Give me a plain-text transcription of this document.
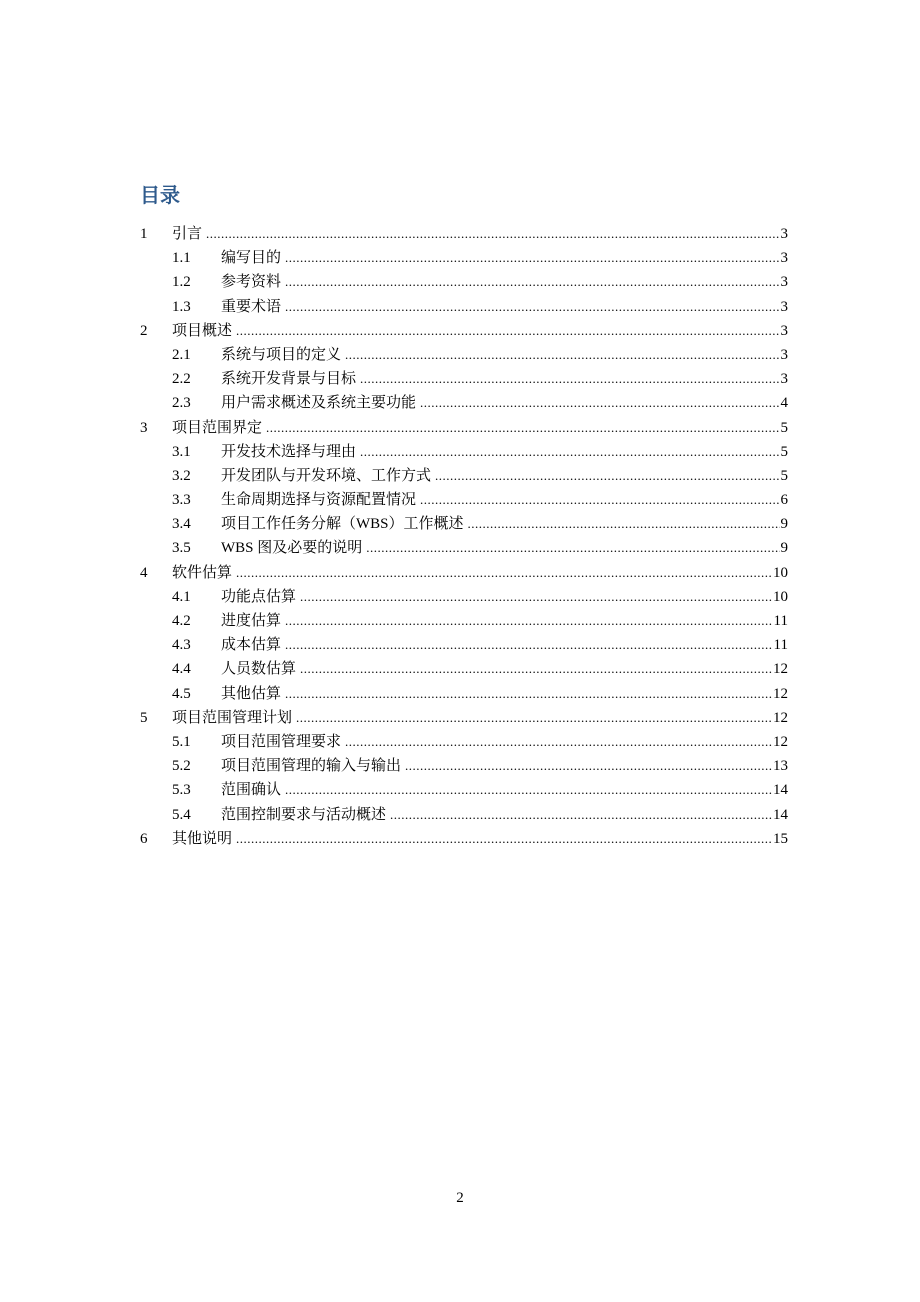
目录
1	引言 .....	3
1.1	编写目的 .....	3
1.2	参考资料 .....	3
1.3	重要术语 .....	3
2	项目概述 .....	3
2.1	系统与项目的定义 .....	3
2.2	系统开发背景与目标 .....	3
2.3	用户需求概述及系统主要功能 .....	4
3	项目范围界定 .....	5
3.1	开发技术选择与理由 .....	5
3.2	开发团队与开发环境、工作方式 .....	5
3.3	生命周期选择与资源配置情况 .....	6
3.4	项目工作任务分解（WBS）工作概述 .....	9
3.5	WBS 图及必要的说明 .....	9
4	软件估算 .....	10
4.1	功能点估算 .....	10
4.2	进度估算 .....	11
4.3	成本估算 .....	11
4.4	人员数估算 .....	12
4.5	其他估算 .....	12
5	项目范围管理计划 .....	12
5.1	项目范围管理要求 .....	12
5.2	项目范围管理的输入与输出 .....	13
5.3	范围确认 .....	14
5.4	范围控制要求与活动概述 .....	14
6	其他说明 .....	15
2
